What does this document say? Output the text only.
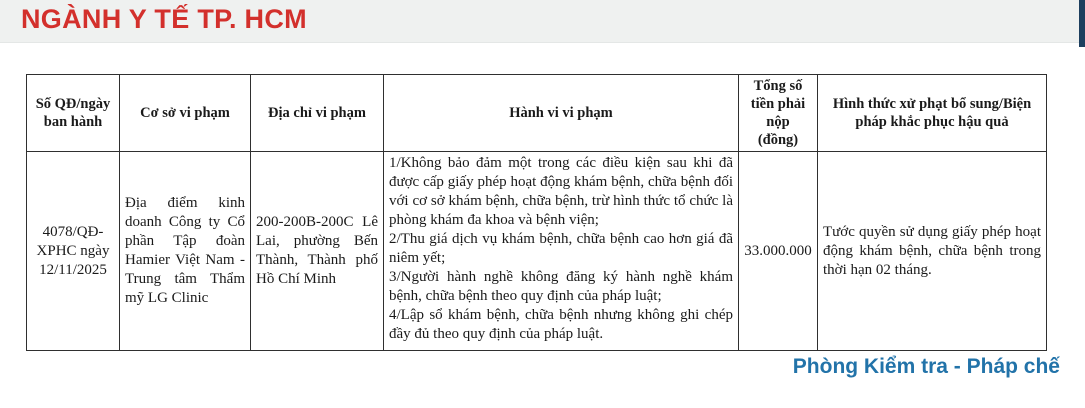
NGÀNH Y TẾ TP. HCM
Số QĐ/ngày ban hành	Cơ sở vi phạm	Địa chỉ vi phạm	Hành vi vi phạm	Tổng số tiền phải nộp (đồng)	Hình thức xử phạt bổ sung/Biện pháp khắc phục hậu quả
4078/QĐ-XPHC ngày 12/11/2025	Địa điểm kinh doanh Công ty Cổ phần Tập đoàn Hamier Việt Nam - Trung tâm Thẩm mỹ LG Clinic	200-200B-200C Lê Lai, phường Bến Thành, Thành phố Hồ Chí Minh	1/Không bảo đảm một trong các điều kiện sau khi đã được cấp giấy phép hoạt động khám bệnh, chữa bệnh đối với cơ sở khám bệnh, chữa bệnh, trừ hình thức tổ chức là phòng khám đa khoa và bệnh viện;

2/Thu giá dịch vụ khám bệnh, chữa bệnh cao hơn giá đã niêm yết;

3/Người hành nghề không đăng ký hành nghề khám bệnh, chữa bệnh theo quy định của pháp luật;

4/Lập sổ khám bệnh, chữa bệnh nhưng không ghi chép đầy đủ theo quy định của pháp luật.	33.000.000	Tước quyền sử dụng giấy phép hoạt động khám bệnh, chữa bệnh trong thời hạn 02 tháng.
Phòng Kiểm tra - Pháp chế
